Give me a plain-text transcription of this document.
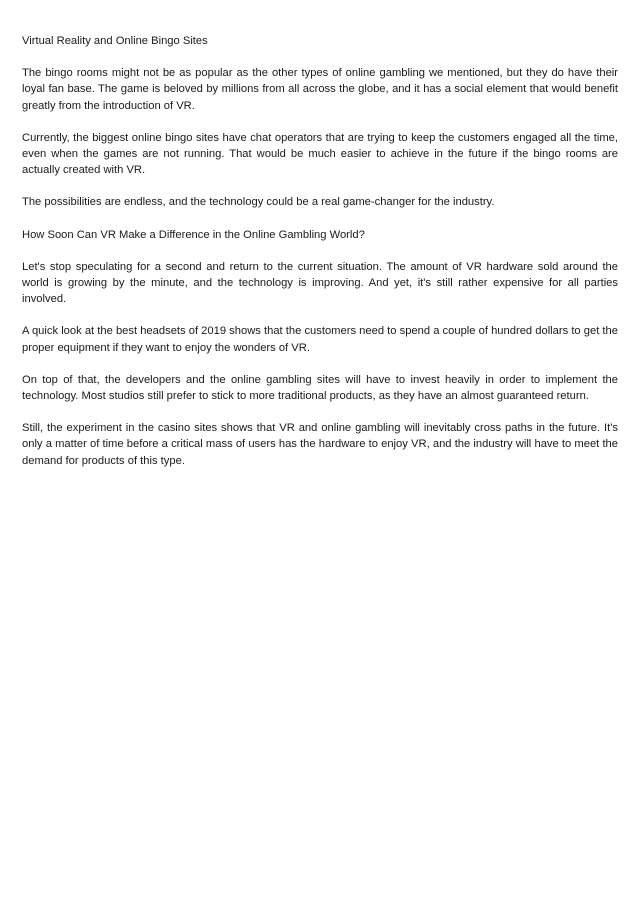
Virtual Reality and Online Bingo Sites

The bingo rooms might not be as popular as the other types of online gambling we mentioned, but they do have their loyal fan base. The game is beloved by millions from all across the globe, and it has a social element that would benefit greatly from the introduction of VR.

Currently, the biggest online bingo sites have chat operators that are trying to keep the customers engaged all the time, even when the games are not running. That would be much easier to achieve in the future if the bingo rooms are actually created with VR.

The possibilities are endless, and the technology could be a real game-changer for the industry.

How Soon Can VR Make a Difference in the Online Gambling World?

Let's stop speculating for a second and return to the current situation. The amount of VR hardware sold around the world is growing by the minute, and the technology is improving. And yet, it's still rather expensive for all parties involved.

A quick look at the best headsets of 2019 shows that the customers need to spend a couple of hundred dollars to get the proper equipment if they want to enjoy the wonders of VR.

On top of that, the developers and the online gambling sites will have to invest heavily in order to implement the technology. Most studios still prefer to stick to more traditional products, as they have an almost guaranteed return.

Still, the experiment in the casino sites shows that VR and online gambling will inevitably cross paths in the future. It's only a matter of time before a critical mass of users has the hardware to enjoy VR, and the industry will have to meet the demand for products of this type.
